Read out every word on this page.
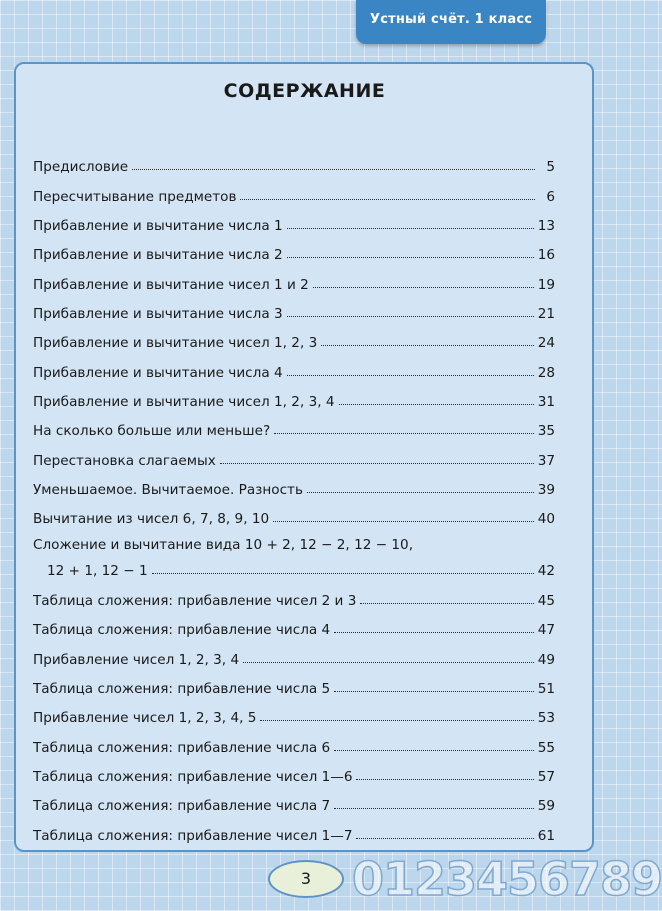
Устный счёт. 1 класс
СОДЕРЖАНИЕ
Предисловие	5
Пересчитывание предметов	6
Прибавление и вычитание числа 1	13
Прибавление и вычитание числа 2	16
Прибавление и вычитание чисел 1 и 2	19
Прибавление и вычитание числа 3	21
Прибавление и вычитание чисел 1, 2, 3	24
Прибавление и вычитание числа 4	28
Прибавление и вычитание чисел 1, 2, 3, 4	31
На сколько больше или меньше?	35
Перестановка слагаемых	37
Уменьшаемое. Вычитаемое. Разность	39
Вычитание из чисел 6, 7, 8, 9, 10	40
Сложение и вычитание вида 10 + 2, 12 − 2, 12 − 10,
12 + 1, 12 − 1	42
Таблица сложения: прибавление чисел 2 и 3	45
Таблица сложения: прибавление числа 4	47
Прибавление чисел 1, 2, 3, 4	49
Таблица сложения: прибавление числа 5	51
Прибавление чисел 1, 2, 3, 4, 5	53
Таблица сложения: прибавление числа 6	55
Таблица сложения: прибавление чисел 1—6	57
Таблица сложения: прибавление числа 7	59
Таблица сложения: прибавление чисел 1—7	61
3 0123456789
